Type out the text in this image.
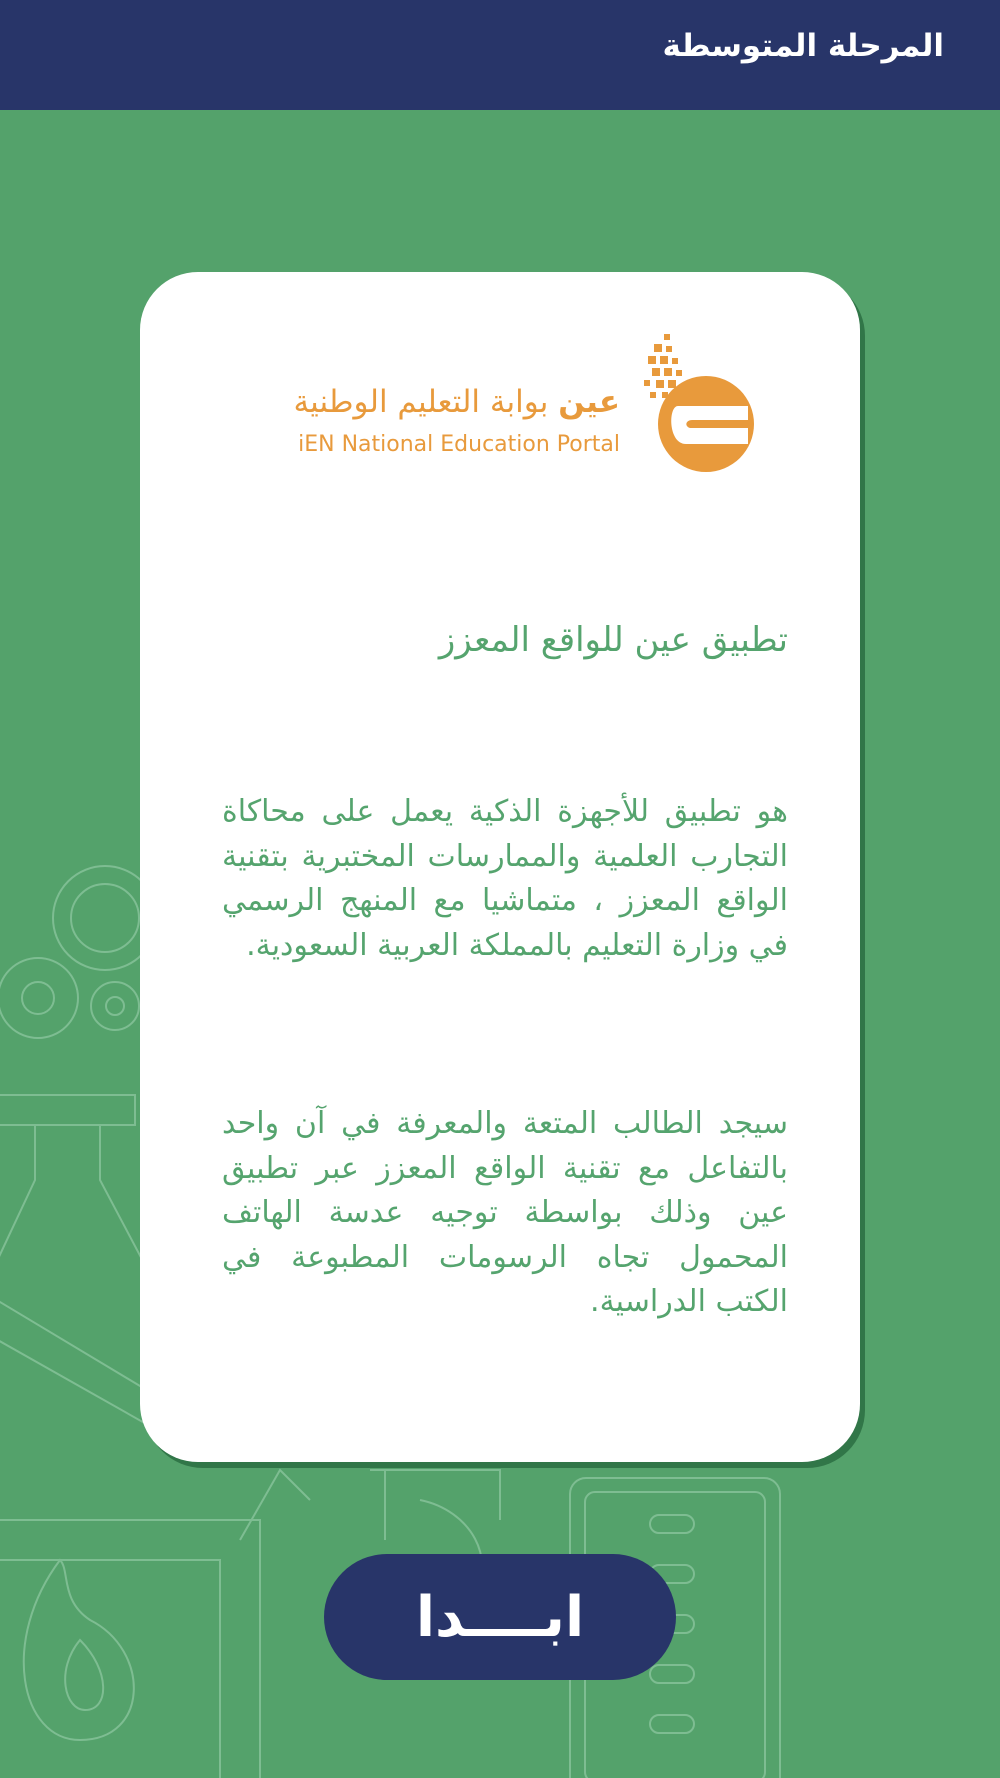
المرحلة المتوسطة
عين بوابة التعليم الوطنية
iEN National Education Portal
تطبيق عين للواقع المعزز
هو تطبيق للأجهزة الذكية يعمل على محاكاة التجارب العلمية والممارسات المختبرية بتقنية الواقع المعزز ، متماشيا مع المنهج الرسمي في وزارة التعليم بالمملكة العربية السعودية.
سيجد الطالب المتعة والمعرفة في آن واحد بالتفاعل مع تقنية الواقع المعزز عبر تطبيق عين وذلك بواسطة توجيه عدسة الهاتف المحمول تجاه الرسومات المطبوعة في الكتب الدراسية.
ابــــدا
